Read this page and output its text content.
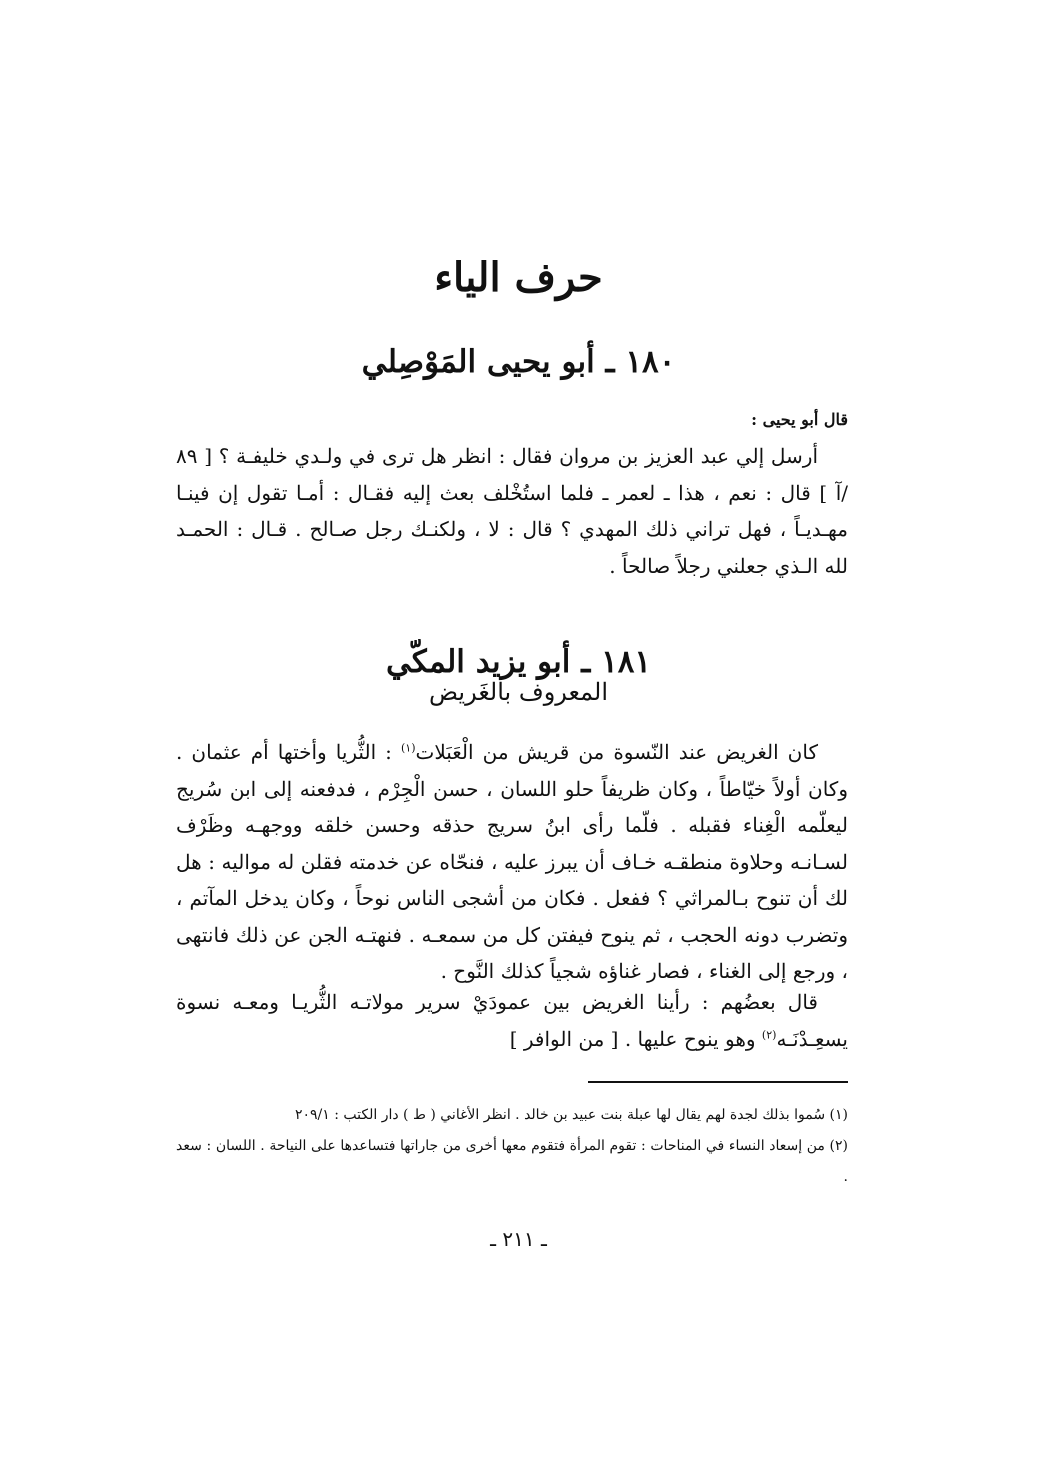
حرف الياء
١٨٠ ـ أبو يحيى المَوْصِلي
قال أبو يحيى :

أرسل إلي عبد العزيز بن مروان فقال : انظر هل ترى في ولـدي خليفـة ؟ [ ٨٩ /آ ] قال : نعم ، هذا ـ لعمر ـ فلما استُخْلف بعث إليه فقـال : أمـا تقول إن فينـا مهـديـاً ، فهل تراني ذلك المهدي ؟ قال : لا ، ولكنـك رجل صـالح . قـال : الحمـد لله الـذي جعلني رجلاً صالحاً .

١٨١ ـ أبو يزيد المكّي
المعروف بالغَريض

كان الغريض عند النّسوة من قريش من الْعَبَلات$^{(١)}$ : الثُّريا وأختها أم عثمان . وكان أولاً خيّاطاً ، وكان ظريفاً حلو اللسان ، حسن الْجِرْم ، فدفعنه إلى ابن سُريج ليعلّمه الْغِناء فقبله . فلّما رأى ابنُ سريج حذقه وحسن خلقه ووجهـه وظَرْف لسـانـه وحلاوة منطقـه خـاف أن يبرز عليه ، فنحّاه عن خدمته فقلن له مواليه : هل لك أن تنوح بـالمراثي ؟ ففعل . فكان من أشجى الناس نوحاً ، وكان يدخل المآتم ، وتضرب دونه الحجب ، ثم ينوح فيفتن كل من سمعـه . فنهتـه الجن عن ذلك فانتهى ، ورجع إلى الغناء ، فصار غناؤه شجياً كذلك النَّوح .

قال بعضُهم : رأينا الغريض بين عمودَيْ سرير مولاتـه الثُّريـا ومعـه نسوة يسعِـدْنَـه$^{(٢)}$ وهو ينوح عليها . [ من الوافر ]

(١) سُموا بذلك لجدة لهم يقال لها عبلة بنت عبيد بن خالد . انظر الأغاني ( ط ) دار الكتب : ٢٠٩/١
(٢) من إسعاد النساء في المناحات : تقوم المرأة فتقوم معها أخرى من جاراتها فتساعدها على النياحة . اللسان : سعد .
ـ ٢١١ ـ
